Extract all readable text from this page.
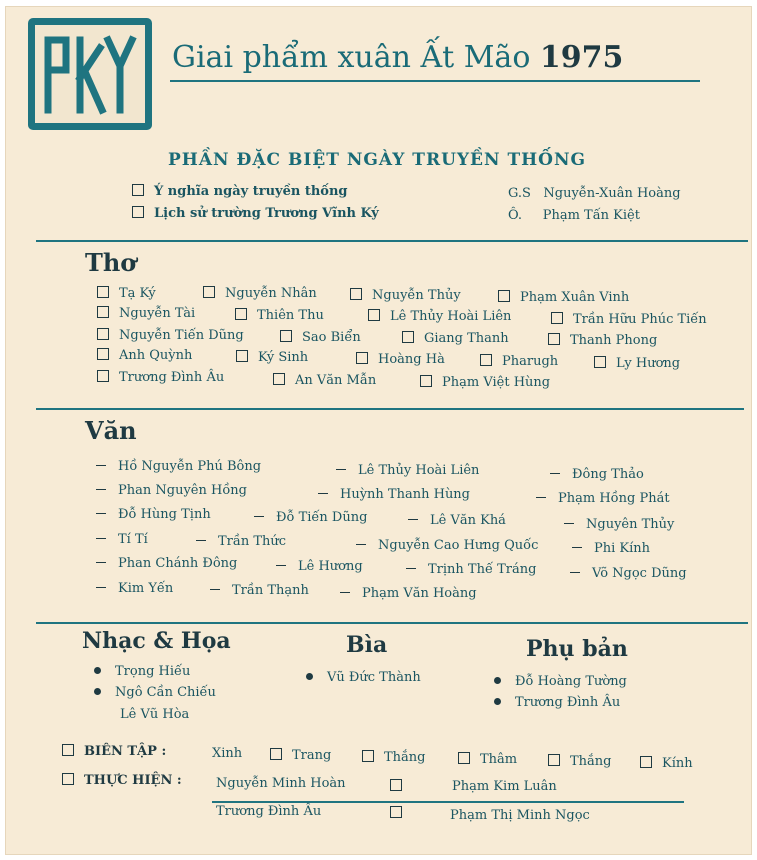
Giai phẩm xuân Ất Mão 1975
PHẦN ĐẶC BIỆT NGÀY TRUYỀN THỐNG
Ý nghĩa ngày truyền thống	G.S Nguyễn-Xuân Hoàng
Lịch sử trường Trương Vĩnh Ký	Ô. Phạm Tấn Kiệt
Thơ
Tạ Ký	Nguyễn Nhân	Nguyễn Thủy	Phạm Xuân Vinh
Nguyễn Tài	Thiên Thu	Lê Thủy Hoài Liên	Trần Hữu Phúc Tiến
Nguyễn Tiến Dũng	Sao Biển	Giang Thanh	Thanh Phong
Anh Quỳnh	Ký Sinh	Hoàng Hà	Pharugh	Ly Hương
Trương Đình Âu	An Văn Mẫn	Phạm Việt Hùng
Văn
Hồ Nguyễn Phú Bông	Lê Thủy Hoài Liên	Đông Thảo
Phan Nguyên Hồng	Huỳnh Thanh Hùng	Phạm Hồng Phát
Đỗ Hùng Tịnh	Đỗ Tiến Dũng	Lê Văn Khá	Nguyên Thủy
Tí Tí	Trần Thức	Nguyễn Cao Hưng Quốc	Phi Kính
Phan Chánh Đông	Lê Hương	Trịnh Thế Tráng	Võ Ngọc Dũng
Kim Yến	Trần Thạnh	Phạm Văn Hoàng
Nhạc & Họa
Trọng Hiếu
Ngô Cần Chiếu
Lê Vũ Hòa
Bìa
Vũ Đức Thành
Phụ bản
Đỗ Hoàng Tường
Trương Đình Âu
BIÊN TẬP :	Xinh	Trang	Thắng	Thâm	Thắng	Kính
THỰC HIỆN :	Nguyễn Minh Hoàn	Phạm Kim Luân
Trương Đình Âu	Phạm Thị Minh Ngọc
